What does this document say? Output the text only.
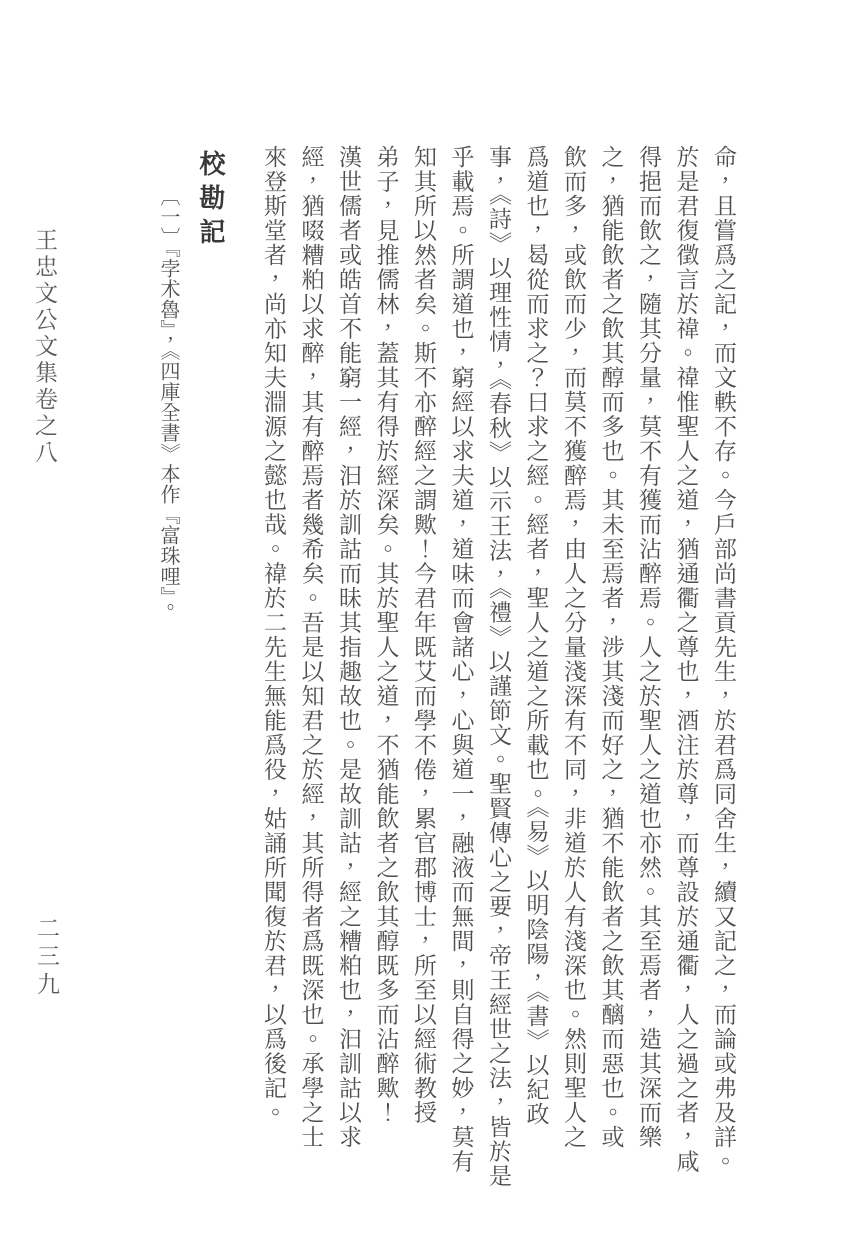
命，且嘗爲之記，而文軼不存。今戶部尚書貢先生，於君爲同舍生，續又記之，而論或弗及詳。

於是君復徵言於禕。禕惟聖人之道，猶通衢之尊也，酒注於尊，而尊設於通衢，人之過之者，咸

得挹而飲之，隨其分量，莫不有獲而沾醉焉。人之於聖人之道也亦然。其至焉者，造其深而樂

之，猶能飲者之飲其醇而多也。其未至焉者，涉其淺而好之，猶不能飲者之飲其醨而惡也。或

飲而多，或飲而少，而莫不獲醉焉，由人之分量淺深有不同，非道於人有淺深也。然則聖人之

爲道也，曷從而求之？曰求之經。經者，聖人之道之所載也。《易》以明陰陽，《書》以紀政

事，《詩》以理性情，《春秋》以示王法，《禮》以謹節文。聖賢傳心之要，帝王經世之法，皆於是

乎載焉。所謂道也，窮經以求夫道，道味而會諸心，心與道一，融液而無間，則自得之妙，莫有

知其所以然者矣。斯不亦醉經之謂歟！今君年既艾而學不倦，累官郡博士，所至以經術教授

弟子，見推儒林，蓋其有得於經深矣。其於聖人之道，不猶能飲者之飲其醇既多而沾醉歟！

漢世儒者或皓首不能窮一經，汩於訓詁而昧其指趣故也。是故訓詁，經之糟粕也，汩訓詁以求

經，猶啜糟粕以求醉，其有醉焉者幾希矣。吾是以知君之於經，其所得者爲既深也。承學之士

來登斯堂者，尚亦知夫淵源之懿也哉。禕於二先生無能爲役，姑誦所聞復於君，以爲後記。

校勘記
〔一〕『孛术魯』，《四庫全書》本作『富珠哩』。
王忠文公文集卷之八
二三九
